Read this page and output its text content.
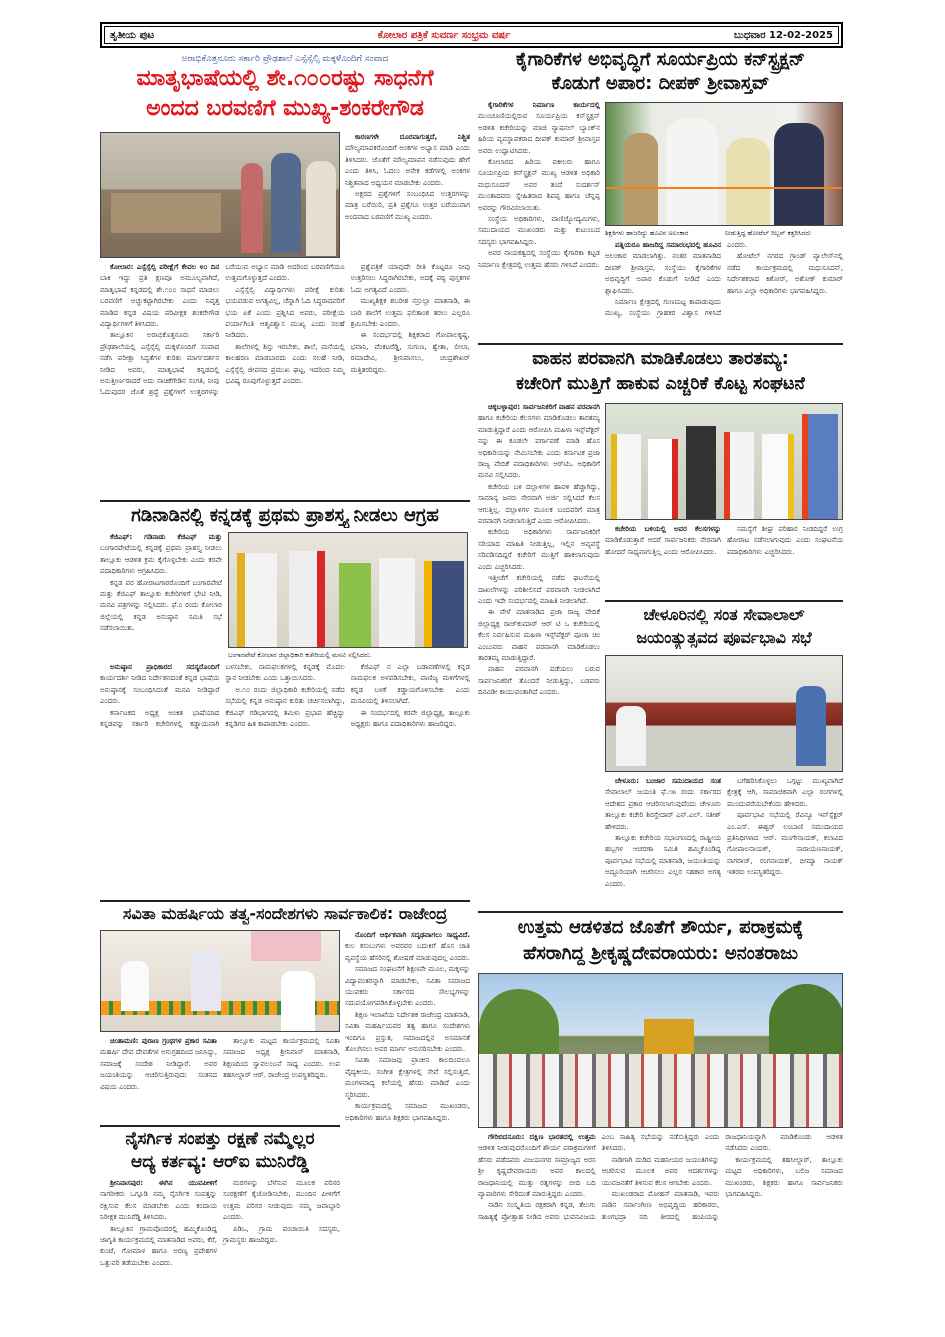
ತೃತೀಯ ಪುಟ	ಕೋಲಾರ ಪತ್ರಿಕೆ ಸುವರ್ಣ ಸಂಭ್ರಮ ವರ್ಷ	ಬುಧವಾರ 12-02-2025
ಅರಾಭಿಕೊತ್ತನೂರು ಸರ್ಕಾರಿ ಪ್ರೌಢಶಾಲೆ ಎಸ್ಸೆಸ್ಸೆಲ್ಸಿ ಮಕ್ಕಳೊಂದಿಗೆ ಸಂವಾದ
ಮಾತೃಭಾಷೆಯಲ್ಲಿ ಶೇ.೧೦೦ರಷ್ಟು ಸಾಧನೆಗೆ
ಅಂದದ ಬರವಣಿಗೆ ಮುಖ್ಯ-ಶಂಕರೇಗೌಡ

ಕಾರಣಗಳೇ ದೂರವಾಗುತ್ತದೆ, ನಿಶ್ಚಿತ ಮೌಲ್ಯಮಾಪಕರೊಂದಿಗೆ ಅಂಕಗಳ ಅಭ್ಯಾಸ ಮಾಡಿ ಎಂದು ತಿಳಿಸಿದರು. ಜೊತೆಗೆ ಮೌಲ್ಯಮಾಪನ ನಡೆಸುವುದು ಹೇಗೆ ಎಂದು ತಿಳಿಸಿ, ಓದಲು ಅನೇಕ ಕಡೆಗಳಲ್ಲಿ ಅಂಕಗಳ ನಿಶ್ಚಿತವಾದ ಅಧ್ಯಯನ ಮಾಡಬೇಕು ಎಂದರು.

ಅಕ್ಷರದ ಪ್ರಶ್ನೆಗಳಿಗೆ ಸಂಬಂಧಿಸಿದ ಉತ್ತರಗಳನ್ನು ಮಾತ್ರ ಬರೆಯಿರಿ, ಪ್ರತಿ ಪ್ರಶ್ನೆಗೂ ಉತ್ತರ ಬರೆಯುವಾಗ ಅಂದವಾದ ಬರವಣಿಗೆ ಮುಖ್ಯ ಎಂದರು.

ಕೋಲಾರ: ಎಸ್ಸೆಸ್ಸೆಲ್ಸಿ ಪರೀಕ್ಷೆಗೆ ಕೇವಲ ೪೦ ದಿನ ಬಾಕಿ ಇದ್ದು ಪ್ರತಿ ಕ್ಷಣವೂ ಅಮೂಲ್ಯವಾಗಿದೆ, ಮಾತೃಭಾಷೆ ಕನ್ನಡದಲ್ಲಿ ಶೇ.೧೦೦ ಸಾಧನೆ ಮಾಡಲು ಬರವಣಿಗೆ ಅಚ್ಚುಕಟ್ಟಾಗಿರಬೇಕು ಎಂದು ನಿವೃತ್ತ ಮಾಡಿದ ಕನ್ನಡ ವಿಷಯ ಪರಿವೀಕ್ಷಕ ಶಂಕರೇಗೌಡ ವಿದ್ಯಾರ್ಥಿಗಳಿಗೆ ತಿಳಿಸಿದರು.

ತಾಲ್ಲೂಕಿನ ಅರಾಭಿಕೊತ್ತನೂರು ಸರ್ಕಾರಿ ಪ್ರೌಢಶಾಲೆಯಲ್ಲಿ ಎಸ್ಸೆಸ್ಸೆಲ್ಸಿ ಮಕ್ಕಳೊಂದಿಗೆ ಸಂವಾದ ನಡೆಸಿ ಪರೀಕ್ಷಾ ಸಿದ್ಧತೆಗಳ ಕುರಿತು ಮಾರ್ಗದರ್ಶನ ನೀಡಿದ ಅವರು, ಮಾತೃಭಾಷೆ ಕನ್ನಡದಲ್ಲಿ ಅನುತ್ತೀರ್ಣರಾದರೆ ಅದು ನಾಚಿಕೆಗೇಡಿನ ಸಂಗತಿ, ನೀವು ಓದುವುದರ ಜೊತೆ ಶ್ರದ್ಧೆ ಪ್ರಶ್ನೆಗಳಿಗೆ ಉತ್ತರಗಳನ್ನು ಬರೆಯುವ ಅಭ್ಯಾಸ ಮಾಡಿ ಅದರಿಂದ ಬರವಣಿಗೆಯೂ ಉತ್ತಮಗೊಳ್ಳುತ್ತದೆ ಎಂದರು.

ಎಸ್ಸೆಸ್ಸೆಲ್ಸಿ ವಿದ್ಯಾರ್ಥಿಗಳು ಪರೀಕ್ಷೆ ಕುರಿತು ಭಯಪಡುವ ಅಗತ್ಯವಿಲ್ಲ, ಚೆನ್ನಾಗಿ ಓದಿ ಸಿದ್ಧರಾದವರಿಗೆ ಭಯ ಏಕೆ ಎಂದು ಪ್ರಶ್ನಿಸಿದ ಅವರು, ಪರೀಕ್ಷೆಯ ಪರ್ಯಾಗಿಂತಿ ಆತ್ಮವಿಶ್ವಾಸ ಮುಖ್ಯ ಎಂದು ಸಲಹೆ ನೀಡಿದರು.

ಶಾಲೆಗಳಲ್ಲಿ ಶಿಸ್ತು ಇರಬೇಕು, ಶಾಲೆ, ಮನೆಯಲ್ಲಿ ಕಾಲಹರಣ ಮಾಡಬಾರದು ಎಂದು ಸಲಹೆ ನೀಡಿ, ಎಸ್ಸೆಸ್ಸೆಲ್ಸಿ ಜೀವನದ ಪ್ರಮುಖ ಘಟ್ಟ, ಇದರಿಂದ ನಿಮ್ಮ ಭವಿಷ್ಯ ರೂಪುಗೊಳ್ಳುತ್ತದೆ ಎಂದರು.

ಪ್ರಶ್ನೆಪತ್ರಿಕೆ ಯಾವುದೇ ರೀತಿ ಕೊಟ್ಟರೂ ನೀವು ಉತ್ತರಿಸಲು ಸಿದ್ಧರಾಗಿರಬೇಕು, ಅದಕ್ಕೆ ಪಠ್ಯ ಪುಸ್ತಕಗಳ ಓದು ಅಗತ್ಯವಿದೆ ಎಂದರು.

ಮುಖ್ಯಶಿಕ್ಷಕ ಶಬರೀಶ ನಸ್ರುಲ್ಲಾ ಮಾತನಾಡಿ, ಈ ಬಾರಿ ಶಾಲೆಗೆ ಉತ್ತಮ ಫಲಿತಾಂಶ ತರಲು ಎಲ್ಲರೂ ಶ್ರಮಿಸಬೇಕು ಎಂದರು.

ಈ ಸಂದರ್ಭದಲ್ಲಿ ಶಿಕ್ಷಕರಾದ ಗೋಪಾಲಕೃಷ್ಣ, ಭವಾನಿ, ವೆಂಕಟರೆಡ್ಡಿ, ಸುಗುಣ, ಶ್ವೇತಾ, ಲೀಲಾ, ರಮಾದೇವಿ, ಶ್ರೀನಿವಾಸಲು, ಚಂದ್ರಶೇಖರ್ ಮತ್ತಿತರರಿದ್ದರು.

ಗಡಿನಾಡಿನಲ್ಲಿ ಕನ್ನಡಕ್ಕೆ ಪ್ರಥಮ ಪ್ರಾಶಸ್ತ್ಯ ನೀಡಲು ಆಗ್ರಹ

ಕೆಜಿಎಫ್: ಗಡಿನಾಡು ಕೆಜಿಎಫ್ ಮತ್ತು ಬಂಗಾರಪೇಟೆಯಲ್ಲಿ ಕನ್ನಡಕ್ಕೆ ಪ್ರಥಮ ಪ್ರಾಶಸ್ತ್ಯ ನೀಡಲು ತಾಲ್ಲೂಕು ಆಡಳಿತ ಕ್ರಮ ಕೈಗೊಳ್ಳಬೇಕು ಎಂದು ಕರವೇ ಪದಾಧಿಕಾರಿಗಳು ಆಗ್ರಹಿಸಿದರು.

ಕನ್ನಡ ಪರ ಹೋರಾಟಗಾರರೊಂದಿಗೆ ಬಂಗಾರಪೇಟೆ ಮತ್ತು ಕೆಜಿಎಫ್ ತಾಲ್ಲೂಕು ಕಚೇರಿಗಳಿಗೆ ಭೇಟಿ ನೀಡಿ, ಮನವಿ ಪತ್ರಗಳನ್ನು ಸಲ್ಲಿಸಿದರು. ಫೆ.೦ ರಂದು ಕೋಲಾರ ಜಿಲ್ಲೆಯಲ್ಲಿ ಕನ್ನಡ ಅನುಷ್ಠಾನ ಸಮಿತಿ ಸಭೆ ನಡೆಸಲಾಯಿತು.

ಬಂಗಾರಪೇಟೆ ಕೋಲಾರ ಜಿಲ್ಲಾಧಿಕಾರಿ ಕಚೇರಿಯಲ್ಲಿ ಮನವಿ ಸಲ್ಲಿಸಿದರು.

ಅನುಷ್ಠಾನ ಪ್ರಾಧಿಕಾರದ ಸದಸ್ಯರೊಂದಿಗೆ ಕಾರ್ಯದರ್ಶಿ ನೀಡಿದ ನಿರ್ದೇಶನದಂತೆ ಕನ್ನಡ ಭಾಷೆಯ ಅನುಷ್ಠಾನಕ್ಕೆ ಸಂಬಂಧಿಸಿದಂತೆ ಮನವಿ ನೀಡಿದ್ದಾರೆ ಎಂದರು.

ಕರ್ನಾಟಕದ ಅಧ್ಯಕ್ಷ ಅಂಕಿತ ಭಾಷೆಯಾದ ಕನ್ನಡವನ್ನು ಸರ್ಕಾರಿ ಕಚೇರಿಗಳಲ್ಲಿ ಕಡ್ಡಾಯವಾಗಿ ಬಳಸಬೇಕು, ನಾಮಫಲಕಗಳಲ್ಲಿ ಕನ್ನಡಕ್ಕೆ ಮೊದಲ ಸ್ಥಾನ ನೀಡಬೇಕು ಎಂದು ಒತ್ತಾಯಿಸಿದರು.

ಅ.೧೦ ರಂದು ಜಿಲ್ಲಾಧಿಕಾರಿ ಕಚೇರಿಯಲ್ಲಿ ನಡೆದ ಸಭೆಯಲ್ಲಿ ಕನ್ನಡ ಅನುಷ್ಠಾನ ಕುರಿತು ಚರ್ಚಿಸಲಾಗಿದ್ದು, ಕೆಜಿಎಫ್ ಗಡಿಭಾಗದಲ್ಲಿ ತಮಿಳು ಪ್ರಭಾವ ಹೆಚ್ಚಿದ್ದು ಕನ್ನಡಿಗರ ಹಿತ ಕಾಪಾಡಬೇಕು ಎಂದರು.

ಕೆಜಿಎಫ್ ನ ಎಲ್ಲಾ ಬಡಾವಣೆಗಳಲ್ಲಿ ಕನ್ನಡ ನಾಮಫಲಕ ಅಳವಡಿಸಬೇಕು, ವಾಣಿಜ್ಯ ಮಳಿಗೆಗಳಲ್ಲಿ ಕನ್ನಡ ಬಳಕೆ ಕಡ್ಡಾಯಗೊಳಿಸಬೇಕು ಎಂದು ಮನವಿಯಲ್ಲಿ ತಿಳಿಸಲಾಗಿದೆ.

ಈ ಸಂದರ್ಭದಲ್ಲಿ ಕರವೇ ಜಿಲ್ಲಾಧ್ಯಕ್ಷ, ತಾಲ್ಲೂಕು ಅಧ್ಯಕ್ಷರು ಹಾಗೂ ಪದಾಧಿಕಾರಿಗಳು ಹಾಜರಿದ್ದರು.

ಸವಿತಾ ಮಹರ್ಷಿಯ ತತ್ವ-ಸಂದೇಶಗಳು ಸಾರ್ವಕಾಲಿಕ: ರಾಜೇಂದ್ರ

ನೊಂದಿಗೆ ಆರ್ಥಿಕವಾಗಿ ಸದೃಢವಾಗಲು ಸಾಧ್ಯವಿದೆ. ಕುಲ ಕಸುಬುಗಳು ಅವರವರ ಬದುಕಿಗೆ ಹೊಸ ಜಾತಿ ವ್ಯವಸ್ಥೆಯ ಹೆಸರಿನಲ್ಲಿ ಶೋಷಣೆ ಮಾಡುವುದಲ್ಲ ಎಂದರು.

ಸಮಾಜದ ಸಂಘಟನೆಗೆ ಶಿಕ್ಷಣವೇ ಮೂಲ, ಮಕ್ಕಳನ್ನು ವಿದ್ಯಾವಂತರನ್ನಾಗಿ ಮಾಡಬೇಕು, ಸವಿತಾ ಸಮಾಜದ ಯುವಕರು ಸರ್ಕಾರದ ಸೌಲಭ್ಯಗಳನ್ನು ಸದುಪಯೋಗಪಡಿಸಿಕೊಳ್ಳಬೇಕು ಎಂದರು.

ಶಿಕ್ಷಣ ಇಲಾಖೆಯ ನಿರ್ದೇಶಕ ರಾಜೇಂದ್ರ ಮಾತನಾಡಿ, ಸವಿತಾ ಮಹರ್ಷಿಯವರ ತತ್ವ ಹಾಗೂ ಸಂದೇಶಗಳು ಇಂದಿಗೂ ಪ್ರಸ್ತುತ, ಸಮಾಜದಲ್ಲಿನ ಅಸಮಾನತೆ ತೊಲಗಿಸಲು ಅವರ ಮಾರ್ಗ ಅನುಸರಿಸಬೇಕು ಎಂದರು.

ಸವಿತಾ ಸಮಾಜವು ಪ್ರಾಚೀನ ಕಾಲದಿಂದಲೂ ವೈದ್ಯಕೀಯ, ಸಂಗೀತ ಕ್ಷೇತ್ರಗಳಲ್ಲಿ ಸೇವೆ ಸಲ್ಲಿಸುತ್ತಿದೆ, ಮಂಗಳವಾದ್ಯ ಕಲೆಯಲ್ಲಿ ಹೆಸರು ಮಾಡಿದೆ ಎಂದು ಸ್ಮರಿಸಿದರು.

ಕಾರ್ಯಕ್ರಮದಲ್ಲಿ ಸಮಾಜದ ಮುಖಂಡರು, ಅಧಿಕಾರಿಗಳು ಹಾಗೂ ಶಿಕ್ಷಕರು ಭಾಗವಹಿಸಿದ್ದರು.

ಚಿಂತಾಮಣಿ: ಪುರಾಣ ಗ್ರಂಥಗಳ ಪ್ರಕಾರ ಸವಿತಾ ಮಹರ್ಷಿ ದೇವ ದೇವತೆಗಳ ಅನುಗ್ರಹದಿಂದ ಜನಿಸಿದ್ದು, ಸಮಾಜಕ್ಕೆ ಸಂದೇಶ ನೀಡಿದ್ದಾರೆ. ಅವರ ಜಯಂತಿಯನ್ನು ಆಚರಿಸುತ್ತಿರುವುದು ಸಂತಸದ ವಿಷಯ ಎಂದರು.

ತಾಲ್ಲೂಕು ಮಟ್ಟದ ಕಾರ್ಯಕ್ರಮದಲ್ಲಿ ಸವಿತಾ ಸಮಾಜದ ಅಧ್ಯಕ್ಷ ಶ್ರೀನಿವಾಸ್ ಮಾತನಾಡಿ, ಶಿಕ್ಷಣದಿಂದ ಸ್ವಾವಲಂಬನೆ ಸಾಧ್ಯ ಎಂದರು. ಉಪ ತಹಸೀಲ್ದಾರ್ ಆರ್. ರಾಜೇಂದ್ರ ಉಪಸ್ಥಿತರಿದ್ದರು.

ನೈಸರ್ಗಿಕ ಸಂಪತ್ತು ರಕ್ಷಣೆ ನಮ್ಮೆಲ್ಲರ
ಆದ್ಯ ಕರ್ತವ್ಯ: ಆರ್‌ಐ ಮುನಿರೆಡ್ಡಿ

ಶ್ರೀನಿವಾಸಪುರ: ಈಗಿನ ಯುವಪೀಳಿಗೆ ನಾಗರೀಕರು ಒಗ್ಗೂಡಿ ನಮ್ಮ ನೈಸರ್ಗಿಕ ಸಂಪತ್ತನ್ನು ರಕ್ಷಿಸುವ ಕೆಲಸ ಮಾಡಬೇಕು ಎಂದು ಕಂದಾಯ ನಿರೀಕ್ಷಕ ಮುನಿರೆಡ್ಡಿ ತಿಳಿಸಿದರು.

ತಾಲ್ಲೂಕಿನ ಗ್ರಾಮವೊಂದರಲ್ಲಿ ಹಮ್ಮಿಕೊಂಡಿದ್ದ ಜಾಗೃತಿ ಕಾರ್ಯಕ್ರಮದಲ್ಲಿ ಮಾತನಾಡಿದ ಅವರು, ಕೆರೆ, ಕುಂಟೆ, ಗೋಮಾಳ ಹಾಗೂ ಅರಣ್ಯ ಪ್ರದೇಶಗಳ ಒತ್ತುವರಿ ತಡೆಯಬೇಕು ಎಂದರು.

ಮರಗಳನ್ನು ಬೆಳೆಸುವ ಮೂಲಕ ಪರಿಸರ ಸಂರಕ್ಷಣೆಗೆ ಕೈಜೋಡಿಸಬೇಕು, ಮುಂದಿನ ಪೀಳಿಗೆಗೆ ಉತ್ತಮ ಪರಿಸರ ನೀಡುವುದು ನಮ್ಮ ಜವಾಬ್ದಾರಿ ಎಂದರು.

ಪಿಡಿಒ, ಗ್ರಾಮ ಪಂಚಾಯಿತಿ ಸದಸ್ಯರು, ಗ್ರಾಮಸ್ಥರು ಹಾಜರಿದ್ದರು.

ಕೈಗಾರಿಕೆಗಳ ಅಭಿವೃದ್ಧಿಗೆ ಸೂರ್ಯಪ್ರಿಯ ಕನ್‌ಸ್ಟ್ರಕ್ಷನ್
ಕೊಡುಗೆ ಅಪಾರ: ದೀಪಕ್ ಶ್ರೀವಾಸ್ತವ್

ಕೈಗಾರಿಕೆಗಳ ನಿರ್ಮಾಣ ಕಾರ್ಯದಲ್ಲಿ ಮುಂಚೂಣಿಯಲ್ಲಿರುವ ಸೂರ್ಯಪ್ರಿಯ ಕನ್‌ಸ್ಟ್ರಕ್ಷನ್ ಅಡಳಿತ ಕಚೇರಿಯನ್ನು ಮಾಜಿ ನ್ಯಾಷನಲ್ ಬ್ಯಾಂಕ್‌ನ ಹಿರಿಯ ವ್ಯವಸ್ಥಾಪಕರಾದ ದೀಪಕ್ ಕುಮಾರ್ ಶ್ರೀವಾಸ್ತವ ಅವರು ಉದ್ಘಾಟಿಸಿದರು.

ಕೋಲಾರದ ಹಿರಿಯ ವಕೀಲರು ಹಾಗೂ ಸೂರ್ಯಪ್ರಿಯ ಕನ್‌ಸ್ಟ್ರಕ್ಷನ್ ಮುಖ್ಯ ಆಡಳಿತ ಅಧಿಕಾರಿ ಮಧುಸೂದನ್ ಅವರ ತಂದೆ ಸುದರ್ಶನ್ ಮುಂತಾದವರು ಸ್ನೇಹಿತರಾದ ಶಿವಪ್ಪ ಹಾಗೂ ಚೆನ್ನಪ್ಪ ಅವರನ್ನು ಗೌರವಿಸಲಾಯಿತು.

ಸಂಸ್ಥೆಯ ಅಧಿಕಾರಿಗಳು, ವಾಣಿಜ್ಯೋದ್ಯಮಿಗಳು, ಸಮುದಾಯದ ಮುಖಂಡರು ಮತ್ತು ಕುಟುಂಬದ ಸದಸ್ಯರು ಭಾಗವಹಿಸಿದ್ದರು.

ಅವರ ನಾಯಕತ್ವದಲ್ಲಿ ಸಂಸ್ಥೆಯು ಕೈಗಾರಿಕಾ ಕಟ್ಟಡ ನಿರ್ಮಾಣ ಕ್ಷೇತ್ರದಲ್ಲಿ ಉತ್ತಮ ಹೆಸರು ಗಳಿಸಿದೆ ಎಂದರು.

ಶಿಕ್ಷಕಿಗಳು ಹಾಜರಿದ್ದು ಹೂವಿನ ಅಲಂಕಾರ	ನೀಡುತ್ತಿದ್ದ ಹೋಟೆಲ್ ರಿಬ್ಬನ್ ಕತ್ತರಿಸಿದರು

ಪತ್ನಿಯರೂ ಹಾಜರಿದ್ದ ಸಮಾರಂಭದಲ್ಲಿ ಹೂವಿನ ಅಲಂಕಾರ ಮಾಡಲಾಗಿತ್ತು. ನಂತರ ಮಾತನಾಡಿದ ದೀಪಕ್ ಶ್ರೀವಾಸ್ತವ, ಸಂಸ್ಥೆಯು ಕೈಗಾರಿಕೆಗಳ ಅಭಿವೃದ್ಧಿಗೆ ಅಪಾರ ಕೊಡುಗೆ ನೀಡಿದೆ ಎಂದು ಶ್ಲಾಘಿಸಿದರು.

ನಿರ್ಮಾಣ ಕ್ಷೇತ್ರದಲ್ಲಿ ಗುಣಮಟ್ಟ ಕಾಪಾಡುವುದು ಮುಖ್ಯ, ಸಂಸ್ಥೆಯು ಗ್ರಾಹಕರ ವಿಶ್ವಾಸ ಗಳಿಸಿದೆ ಎಂದರು.

ಹೋಟೆಲ್ ನಗರದ ಗ್ರಾಂಡ್ ಪ್ಯಾಲೇಸ್‌ನಲ್ಲಿ ನಡೆದ ಕಾರ್ಯಕ್ರಮದಲ್ಲಿ ಮಧುಸೂದನ್, ನಿರ್ದೇಶಕರಾದ ಕಿಶೋರ್, ಅಶೋಕ್ ಕುಮಾರ್ ಹಾಗೂ ಎಲ್ಲಾ ಅಧಿಕಾರಿಗಳು ಭಾಗವಹಿಸಿದ್ದರು.

ವಾಹನ ಪರವಾನಗಿ ಮಾಡಿಕೊಡಲು ತಾರತಮ್ಯ:
ಕಚೇರಿಗೆ ಮುತ್ತಿಗೆ ಹಾಕುವ ಎಚ್ಚರಿಕೆ ಕೊಟ್ಟ ಸಂಘಟನೆ

ಚಿಕ್ಕಬಳ್ಳಾಪುರ: ಸಾರ್ವಜನಿಕರಿಗೆ ವಾಹನ ಪರವಾನಗಿ ಹಾಗೂ ಕಚೇರಿಯ ಕೆಲಸಗಳು ಮಾಡಿಕೊಡಲು ತಾರತಮ್ಯ ಮಾಡುತ್ತಿದ್ದಾರೆ ಎಂದು ಆರೋಪಿಸಿ ಮಹಿಳಾ ಇನ್ಸ್‌ಪೆಕ್ಟರ್ ನನ್ನು ಈ ಕೂಡಲೇ ವರ್ಗಾವಣೆ ಮಾಡಿ ಹೊಸ ಅಧಿಕಾರಿಯನ್ನು ನೇಮಿಸಬೇಕು ಎಂದು ಕರ್ನಾಟಕ ಪ್ರಜಾ ರಾಜ್ಯ ವೇದಿಕೆ ಪದಾಧಿಕಾರಿಗಳು ಆರ್‌ಟಿಒ ಅಧಿಕಾರಿಗೆ ಮನವಿ ಸಲ್ಲಿಸಿದರು.

ಕಚೇರಿಯ ಬಳಿ ದಲ್ಲಾಳಿಗಳ ಹಾವಳಿ ಹೆಚ್ಚಾಗಿದ್ದು, ಸಾಮಾನ್ಯ ಜನರು ನೇರವಾಗಿ ಅರ್ಜಿ ಸಲ್ಲಿಸಿದರೆ ಕೆಲಸ ಆಗುತ್ತಿಲ್ಲ. ದಲ್ಲಾಳಿಗಳ ಮೂಲಕ ಬಂದವರಿಗೆ ಮಾತ್ರ ಪರವಾನಗಿ ನೀಡಲಾಗುತ್ತಿದೆ ಎಂದು ಆರೋಪಿಸಿದರು.

ಕಚೇರಿಯ ಅಧಿಕಾರಿಗಳು ಸಾರ್ವಜನಿಕರಿಗೆ ಸರಿಯಾದ ಮಾಹಿತಿ ನೀಡುತ್ತಿಲ್ಲ, ಇಲ್ಲಿನ ಅವ್ಯವಸ್ಥೆ ಸರಿಪಡಿಸದಿದ್ದರೆ ಕಚೇರಿಗೆ ಮುತ್ತಿಗೆ ಹಾಕಲಾಗುವುದು ಎಂದು ಎಚ್ಚರಿಸಿದರು.

ಇತ್ತೀಚೆಗೆ ಕಚೇರಿಯಲ್ಲಿ ನಡೆದ ಘಟನೆಯಲ್ಲಿ ದಾಖಲೆಗಳನ್ನು ಪರಿಶೀಲಿಸದೆ ಪರವಾನಗಿ ನೀಡಲಾಗಿದೆ ಎಂದು ಇದೇ ಸಂದರ್ಭದಲ್ಲಿ ಮಾಹಿತಿ ನೀಡಲಾಗಿದೆ.

ಈ ವೇಳೆ ಮಾತನಾಡಿದ ಪ್ರಜಾ ರಾಜ್ಯ ವೇದಿಕೆ ಜಿಲ್ಲಾಧ್ಯಕ್ಷ ರಾಜ್‌ಕುಮಾರ್ ಆರ್ ಟಿ ಒ ಕಚೇರಿಯಲ್ಲಿ ಕೆಲಸ ನಿರ್ವಹಿಸುವ ಮಹಿಳಾ ಇನ್ಸ್‌ಪೆಕ್ಟರ್ ಪೂಜಾ ಚಿಂ ಎಂಬುವರು ವಾಹನ ಪರವಾನಗಿ ಮಾಡಿಕೊಡಲು ತಾರತಮ್ಯ ಮಾಡುತ್ತಿದ್ದಾರೆ.

ವಾಹನ ಪರವಾನಗಿ ಪಡೆಯಲು ಬರುವ ಸಾರ್ವಜನಿಕರಿಗೆ ತೊಂದರೆ ನೀಡುತ್ತಿದ್ದು, ಬಡವರು ದಿನವಿಡೀ ಕಾಯುವಂತಾಗಿದೆ ಎಂದರು.

ಕಚೇರಿಯ ಬಳಿಯಲ್ಲಿ ಅವರ ಕೆಲಸಗಳನ್ನು ಮಾಡಿಕೊಡುತ್ತಾರೆ ಆದರೆ ಸಾರ್ವಜನಿಕರು ನೇರವಾಗಿ ಹೋದರೆ ಸಾಧ್ಯವಾಗುತ್ತಿಲ್ಲ ಎಂದು ಆರೋಪಿಸಿದರು.

ಸಮಸ್ಯೆಗೆ ಶೀಘ್ರ ಪರಿಹಾರ ನೀಡದಿದ್ದರೆ ಉಗ್ರ ಹೋರಾಟ ನಡೆಸಲಾಗುವುದು ಎಂದು ಸಂಘಟನೆಯ ಪದಾಧಿಕಾರಿಗಳು ಎಚ್ಚರಿಸಿದರು.

ಚೇಳೂರಿನಲ್ಲಿ ಸಂತ ಸೇವಾಲಾಲ್
ಜಯಂತ್ಯುತ್ಸವದ ಪೂರ್ವಭಾವಿ ಸಭೆ

ಚೇಳೂರು: ಬಂಜಾರ ಸಮುದಾಯದ ಸಂತ ಸೇವಾಲಾಲ್ ಜಯಂತಿ ಫೆ.೧೫ ರಂದು ಸರ್ಕಾರದ ಆದೇಶದ ಪ್ರಕಾರ ಆಚರಿಸಲಾಗುವುದೆಂದು ಚೇಳೂರು ತಾಲ್ಲೂಕು ಕಚೇರಿ ಶಿರಸ್ತೇದಾರ್ ಎನ್.ಎಲ್. ಸತೀಶ್ ಹೇಳಿದರು.

ತಾಲ್ಲೂಕು ಕಚೇರಿಯ ಸಭಾಂಗಣದಲ್ಲಿ ರಾಷ್ಟ್ರೀಯ ಹಬ್ಬಗಳ ಆಚರಣಾ ಸಮಿತಿ ಹಮ್ಮಿಕೊಂಡಿದ್ದ ಪೂರ್ವಭಾವಿ ಸಭೆಯಲ್ಲಿ ಮಾತನಾಡಿ, ಜಯಂತಿಯನ್ನು ಅದ್ದೂರಿಯಾಗಿ ಆಚರಿಸಲು ಎಲ್ಲರ ಸಹಕಾರ ಅಗತ್ಯ ಎಂದರು.

ಬಗೆಹರಿಸಿಕೊಳ್ಳಲು ಒಗ್ಗಟ್ಟು ಮುಖ್ಯವಾಗಿದೆ ಕ್ಷೇತ್ರಕ್ಕೆ ಆಗಿ, ಸಾಮಾಜಿಕವಾಗಿ ಎಲ್ಲಾ ರಂಗಗಳಲ್ಲಿ ಮುಂದುವರೆಯಬೇಕೆಂದು ಹೇಳಿದರು.

ಪೂರ್ವಭಾವಿ ಸಭೆಯಲ್ಲಿ ರೆವಿನ್ಯೂ ಇನ್‌ಸ್ಪೆಕ್ಟರ್ ಎಂ.ಎಸ್. ಈಶ್ವರ್ ಲಂಬಾಣಿ ಸಮುದಾಯದ ಪ್ರತಿನಿಧಿಗಳಾದ ಆರ್. ಮಂಗೇನಾಯಕ್, ಕಲಾವಿದ ಗೋಪಾಲನಾಯಕ್, ನಾರಾಯಣನಾಯಕ್, ನಾಗರಾಜ್, ರಂಗನಾಯಕ್, ಭೀಮ್ಯಾ ನಾಯಕ್ ಇತರರು ಉಪಸ್ಥಿತರಿದ್ದರು.

ಉತ್ತಮ ಆಡಳಿತದ ಜೊತೆಗೆ ಶೌರ್ಯ, ಪರಾಕ್ರಮಕ್ಕೆ
ಹೆಸರಾಗಿದ್ದ ಶ್ರೀಕೃಷ್ಣದೇವರಾಯರು: ಅನಂತರಾಜು

ಗೌರಿಬಿದನೂರು: ದಕ್ಷಿಣ ಭಾರತದಲ್ಲಿ ಉತ್ತಮ ಆಡಳಿತ ನೀಡುವುದರೊಂದಿಗೆ ಶೌರ್ಯ ಪರಾಕ್ರಮಗಳಿಗೆ ಹೆಸರು ಪಡೆದವರು ವಿಜಯನಗರ ಸಾಮ್ರಾಜ್ಯದ ಅರಸ ಶ್ರೀ ಕೃಷ್ಣದೇವರಾಯರು ಅವರ ಕಾಲದಲ್ಲಿ ರಾಜಧಾನಿಯಲ್ಲಿ ಮುತ್ತು ರತ್ನಗಳನ್ನು ಬೀದಿ ಬದಿ ವ್ಯಾಪಾರಿಗಳು ಸೇರಿದಂತೆ ಮಾರುತ್ತಿದ್ದರು ಎಂದರು.

ನಾಡಿನ ಸಂಸ್ಕೃತಿಯ ರಕ್ಷಕರಾಗಿ ಕನ್ನಡ, ತೆಲುಗು ಸಾಹಿತ್ಯಕ್ಕೆ ಪ್ರೋತ್ಸಾಹ ನೀಡಿದ ಅವರು ಭುವನವಿಜಯ ಎಂಬ ಸಾಹಿತ್ಯ ಸಭೆಯನ್ನು ನಡೆಸುತ್ತಿದ್ದರು ಎಂದು ತಿಳಿಸಿದರು.

ನಾಡಿಗಾಗಿ ದುಡಿದ ಮಹನೀಯರ ಜಯಂತಿಗಳನ್ನು ಆಚರಿಸುವ ಮೂಲಕ ಅವರ ಆದರ್ಶಗಳನ್ನು ಯುವಜನತೆಗೆ ತಿಳಿಸುವ ಕೆಲಸ ಆಗಬೇಕು ಎಂದರು.

ಮುಖಂಡರಾದ ಮೋಹನ್ ಮಾತನಾಡಿ, ಇವರು ನಾಡಿನ ಸರ್ವಾಂಗೀಣ ಅಭಿವೃದ್ಧಿಯ ಹರಿಕಾರರು, ತುಂಗಭದ್ರಾ ನದಿ ತೀರದಲ್ಲಿ ಹಂಪಿಯನ್ನು ರಾಜಧಾನಿಯನ್ನಾಗಿ ಮಾಡಿಕೊಂಡು ಆಡಳಿತ ನಡೆಸಿದರು ಎಂದರು.

ಕಾರ್ಯಕ್ರಮದಲ್ಲಿ ತಹಸೀಲ್ದಾರ್, ತಾಲ್ಲೂಕು ಮಟ್ಟದ ಅಧಿಕಾರಿಗಳು, ಬಲಿಜ ಸಮಾಜದ ಮುಖಂಡರು, ಶಿಕ್ಷಕರು ಹಾಗೂ ಸಾರ್ವಜನಿಕರು ಭಾಗವಹಿಸಿದ್ದರು.
